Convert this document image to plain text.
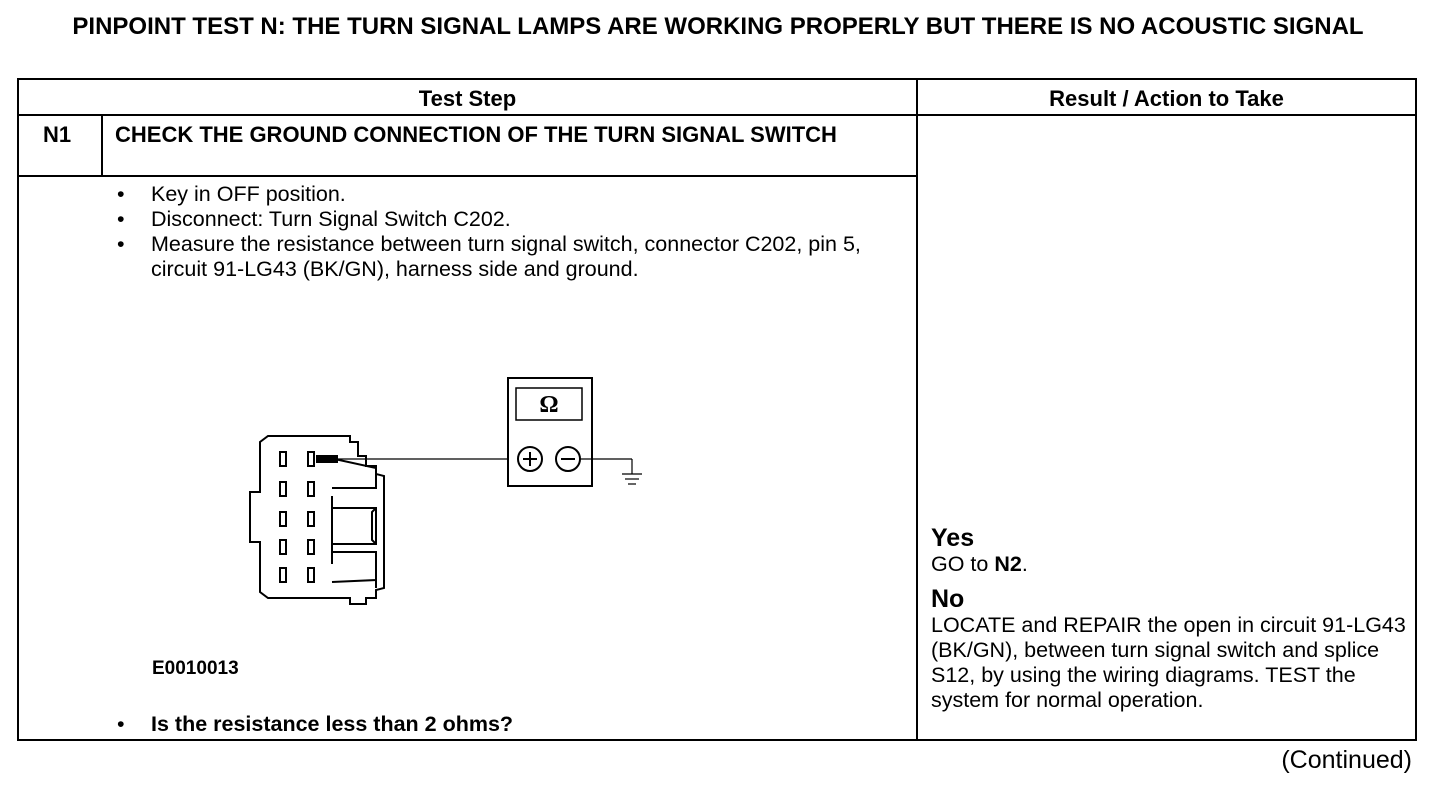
PINPOINT TEST N: THE TURN SIGNAL LAMPS ARE WORKING PROPERLY BUT THERE IS NO ACOUSTIC SIGNAL
Test Step	Result / Action to Take
N1 CHECK THE GROUND CONNECTION OF THE TURN SIGNAL SWITCH
• Key in OFF position.
• Disconnect: Turn Signal Switch C202.
• Measure the resistance between turn signal switch, connector C202, pin 5, circuit 91-LG43 (BK/GN), harness side and ground.
E0010013
• Is the resistance less than 2 ohms?
Yes
GO to N2.
No
LOCATE and REPAIR the open in circuit 91-LG43 (BK/GN), between turn signal switch and splice S12, by using the wiring diagrams. TEST the system for normal operation.
Ω
(Continued)
